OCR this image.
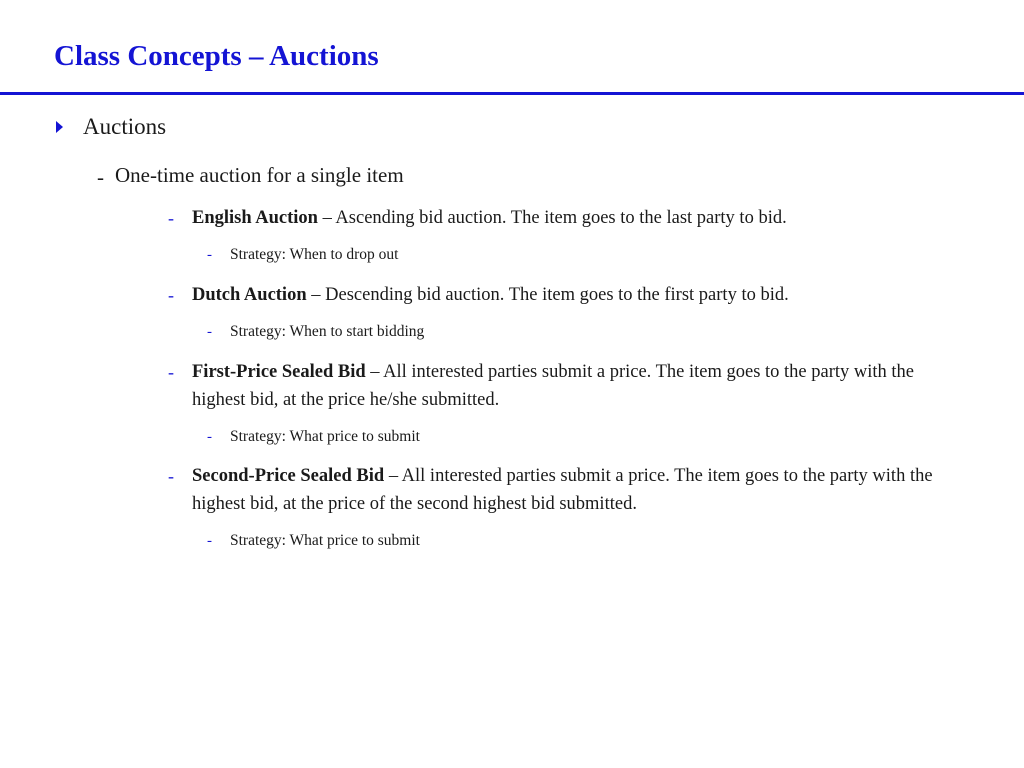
Class Concepts – Auctions
Auctions
- One-time auction for a single item
- English Auction – Ascending bid auction. The item goes to the last party to bid.
- Strategy: When to drop out
- Dutch Auction – Descending bid auction. The item goes to the first party to bid.
- Strategy: When to start bidding
- First-Price Sealed Bid – All interested parties submit a price. The item goes to the party with the highest bid, at the price he/she submitted.
- Strategy: What price to submit
- Second-Price Sealed Bid – All interested parties submit a price. The item goes to the party with the highest bid, at the price of the second highest bid submitted.
- Strategy: What price to submit
